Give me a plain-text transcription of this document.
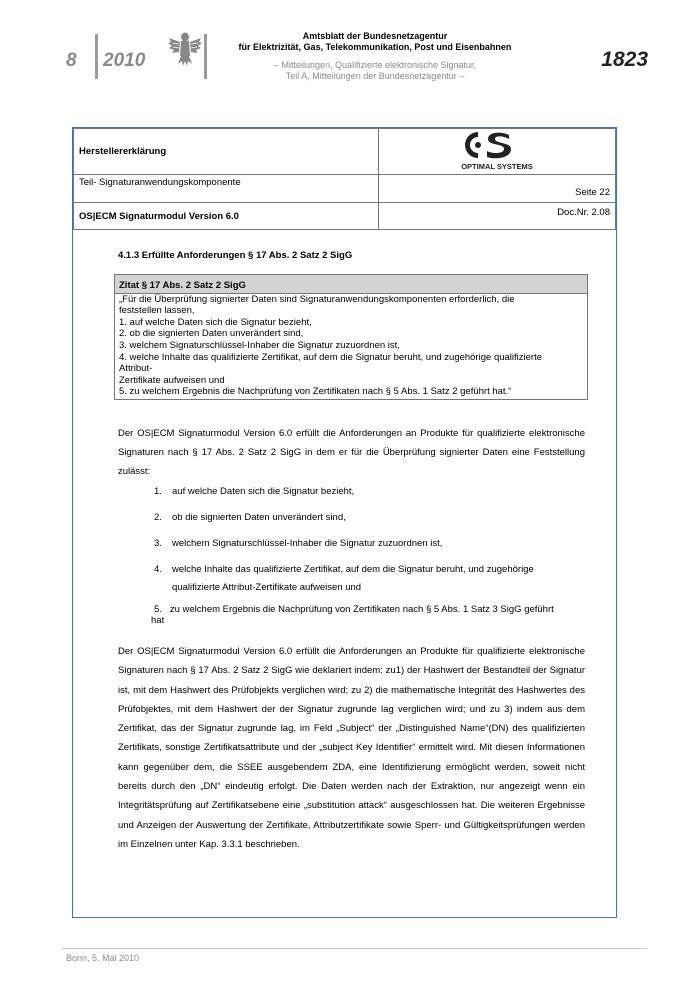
8 2010
Amtsblatt der Bundesnetzagentur
für Elektrizität, Gas, Telekommunikation, Post und Eisenbahnen
– Mitteilungen, Qualifizierte elektronische Signatur,
Teil A, Mitteilungen der Bundesnetzagentur –
1823
Herstellererklärung	OPTIMAL SYSTEMS

Teil- Signaturanwendungskomponente	Seite 22
OS|ECM Signaturmodul Version 6.0	Doc.Nr. 2.08
4.1.3 Erfüllte Anforderungen § 17 Abs. 2 Satz 2 SigG
Zitat § 17 Abs. 2 Satz 2 SigG
„Für die Überprüfung signierter Daten sind Signaturanwendungskomponenten erforderlich, die
feststellen lassen,
1. auf welche Daten sich die Signatur bezieht,
2. ob die signierten Daten unverändert sind,
3. welchem Signaturschlüssel-Inhaber die Signatur zuzuordnen ist,
4. welche Inhalte das qualifizierte Zertifikat, auf dem die Signatur beruht, und zugehörige qualifizierte
Attribut-
Zertifikate aufweisen und
5. zu welchem Ergebnis die Nachprüfung von Zertifikaten nach § 5 Abs. 1 Satz 2 geführt hat.“
Der OS|ECM Signaturmodul Version 6.0 erfüllt die Anforderungen an Produkte für qualifizierte elektronische Signaturen nach § 17 Abs. 2 Satz 2 SigG in dem er für die Überprüfung signierter Daten eine Feststellung zulässt:
1. auf welche Daten sich die Signatur bezieht,
2. ob die signierten Daten unverändert sind,
3. welchem Signaturschlüssel-Inhaber die Signatur zuzuordnen ist,
4. welche Inhalte das qualifizierte Zertifikat, auf dem die Signatur beruht, und zugehörige qualifizierte Attribut-Zertifikate aufweisen und
5. zu welchem Ergebnis die Nachprüfung von Zertifikaten nach § 5 Abs. 1 Satz 3 SigG geführt
hat
Der OS|ECM Signaturmodul Version 6.0 erfüllt die Anforderungen an Produkte für qualifizierte elektronische Signaturen nach § 17 Abs. 2 Satz 2 SigG wie deklariert indem: zu1) der Hashwert der Bestandteil der Signatur ist, mit dem Hashwert des Prüfobjekts verglichen wird; zu 2) die mathematische Integrität des Hashwertes des Prüfobjektes, mit dem Hashwert der der Signatur zugrunde lag verglichen wird; und zu 3) indem aus dem Zertifikat, das der Signatur zugrunde lag, im Feld „Subject“ der „Distinguished Name“(DN) des qualifizierten Zertifikats, sonstige Zertifikatsattribute und der „subject Key Identifier“ ermittelt wird. Mit diesen Informationen kann gegenüber dem, die SSEE ausgebendem ZDA, eine Identifizierung ermöglicht werden, soweit nicht bereits durch den „DN“ eindeutig erfolgt. Die Daten werden nach der Extraktion, nur angezeigt wenn ein Integritätsprüfung auf Zertifikatsebene eine „substitution attack“ ausgeschlossen hat. Die weiteren Ergebnisse und Anzeigen der Auswertung der Zertifikate, Attributzertifikate sowie Sperr- und Gültigkeitsprüfungen werden im Einzelnen unter Kap. 3.3.1 beschrieben.
Bonn, 5. Mai 2010
